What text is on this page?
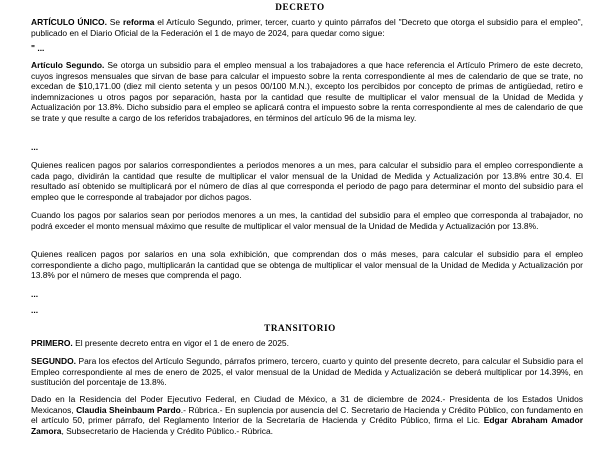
DECRETO

ARTÍCULO ÚNICO. Se reforma el Artículo Segundo, primer, tercer, cuarto y quinto párrafos del "Decreto que otorga el subsidio para el empleo", publicado en el Diario Oficial de la Federación el 1 de mayo de 2024, para quedar como sigue:

" ...

Artículo Segundo. Se otorga un subsidio para el empleo mensual a los trabajadores a que hace referencia el Artículo Primero de este decreto, cuyos ingresos mensuales que sirvan de base para calcular el impuesto sobre la renta correspondiente al mes de calendario de que se trate, no excedan de $10,171.00 (diez mil ciento setenta y un pesos 00/100 M.N.), excepto los percibidos por concepto de primas de antigüedad, retiro e indemnizaciones u otros pagos por separación, hasta por la cantidad que resulte de multiplicar el valor mensual de la Unidad de Medida y Actualización por 13.8%. Dicho subsidio para el empleo se aplicará contra el impuesto sobre la renta correspondiente al mes de calendario de que se trate y que resulte a cargo de los referidos trabajadores, en términos del artículo 96 de la misma ley.

...

Quienes realicen pagos por salarios correspondientes a periodos menores a un mes, para calcular el subsidio para el empleo correspondiente a cada pago, dividirán la cantidad que resulte de multiplicar el valor mensual de la Unidad de Medida y Actualización por 13.8% entre 30.4. El resultado así obtenido se multiplicará por el número de días al que corresponda el periodo de pago para determinar el monto del subsidio para el empleo que le corresponde al trabajador por dichos pagos.

Cuando los pagos por salarios sean por periodos menores a un mes, la cantidad del subsidio para el empleo que corresponda al trabajador, no podrá exceder el monto mensual máximo que resulte de multiplicar el valor mensual de la Unidad de Medida y Actualización por 13.8%.

Quienes realicen pagos por salarios en una sola exhibición, que comprendan dos o más meses, para calcular el subsidio para el empleo correspondiente a dicho pago, multiplicarán la cantidad que se obtenga de multiplicar el valor mensual de la Unidad de Medida y Actualización por 13.8% por el número de meses que comprenda el pago.

...
...
TRANSITORIO

PRIMERO. El presente decreto entra en vigor el 1 de enero de 2025.

SEGUNDO. Para los efectos del Artículo Segundo, párrafos primero, tercero, cuarto y quinto del presente decreto, para calcular el Subsidio para el Empleo correspondiente al mes de enero de 2025, el valor mensual de la Unidad de Medida y Actualización se deberá multiplicar por 14.39%, en sustitución del porcentaje de 13.8%.

Dado en la Residencia del Poder Ejecutivo Federal, en Ciudad de México, a 31 de diciembre de 2024.- Presidenta de los Estados Unidos Mexicanos, Claudia Sheinbaum Pardo.- Rúbrica.- En suplencia por ausencia del C. Secretario de Hacienda y Crédito Público, con fundamento en el artículo 50, primer párrafo, del Reglamento Interior de la Secretaría de Hacienda y Crédito Público, firma el Lic. Edgar Abraham Amador Zamora, Subsecretario de Hacienda y Crédito Público.- Rúbrica.
